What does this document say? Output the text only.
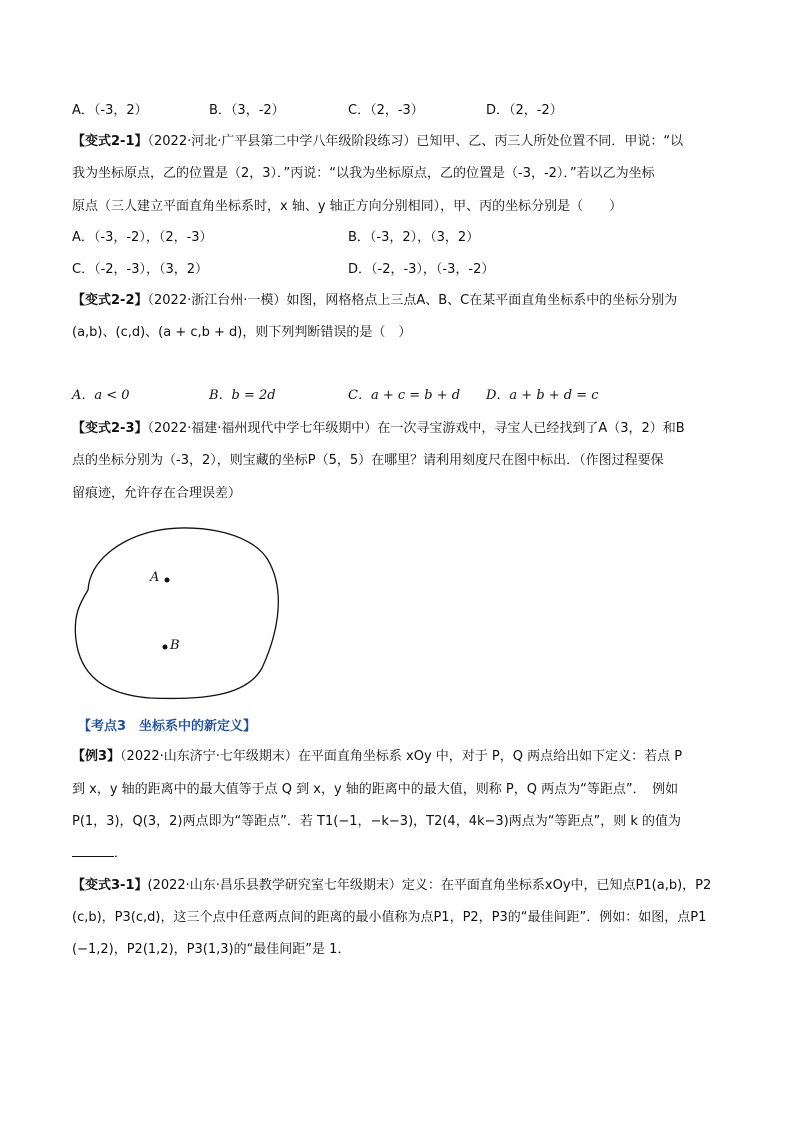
A．（-3，2）	B．（3，-2）	C．（2，-3）	D．（2，-2）
【变式2-1】（2022·河北·广平县第二中学八年级阶段练习）已知甲、乙、丙三人所处位置不同．甲说：“以
我为坐标原点，乙的位置是（2，3）．”丙说：“以我为坐标原点，乙的位置是（-3，-2）．”若以乙为坐标
原点（三人建立平面直角坐标系时，x 轴、y 轴正方向分别相同），甲、丙的坐标分别是（　　）
A．（-3，-2），（2，-3）	B．（-3，2），（3，2）
C．（-2，-3），（3，2）	D．（-2，-3），（-3，-2）
【变式2-2】（2022·浙江台州·一模）如图，网格格点上三点A、B、C在某平面直角坐标系中的坐标分别为
(a,b)、(c,d)、(a + c,b + d)，则下列判断错误的是（　）
A．a < 0	B．b = 2d	C．a + c = b + d D．a + b + d = c
【变式2-3】（2022·福建·福州现代中学七年级期中）在一次寻宝游戏中，寻宝人已经找到了A（3，2）和B
点的坐标分别为（-3，2），则宝藏的坐标P（5，5）在哪里？请利用刻度尺在图中标出．（作图过程要保
留痕迹，允许存在合理误差）
A
B
【考点3　坐标系中的新定义】
【例3】（2022·山东济宁·七年级期末）在平面直角坐标系 xOy 中，对于 P，Q 两点给出如下定义：若点 P
到 x，y 轴的距离中的最大值等于点 Q 到 x，y 轴的距离中的最大值，则称 P，Q 两点为“等距点”．　例如
P(1，3)，Q(3，2)两点即为“等距点”．若 T1(−1，−k−3)，T2(4，4k−3)两点为“等距点”，则 k 的值为
．
【变式3-1】(2022·山东·昌乐县教学研究室七年级期末）定义：在平面直角坐标系xOy中，已知点P1(a,b)，P2
(c,b)，P3(c,d)，这三个点中任意两点间的距离的最小值称为点P1，P2，P3的“最佳间距”．例如：如图，点P1
(−1,2)，P2(1,2)，P3(1,3)的“最佳间距”是 1．
